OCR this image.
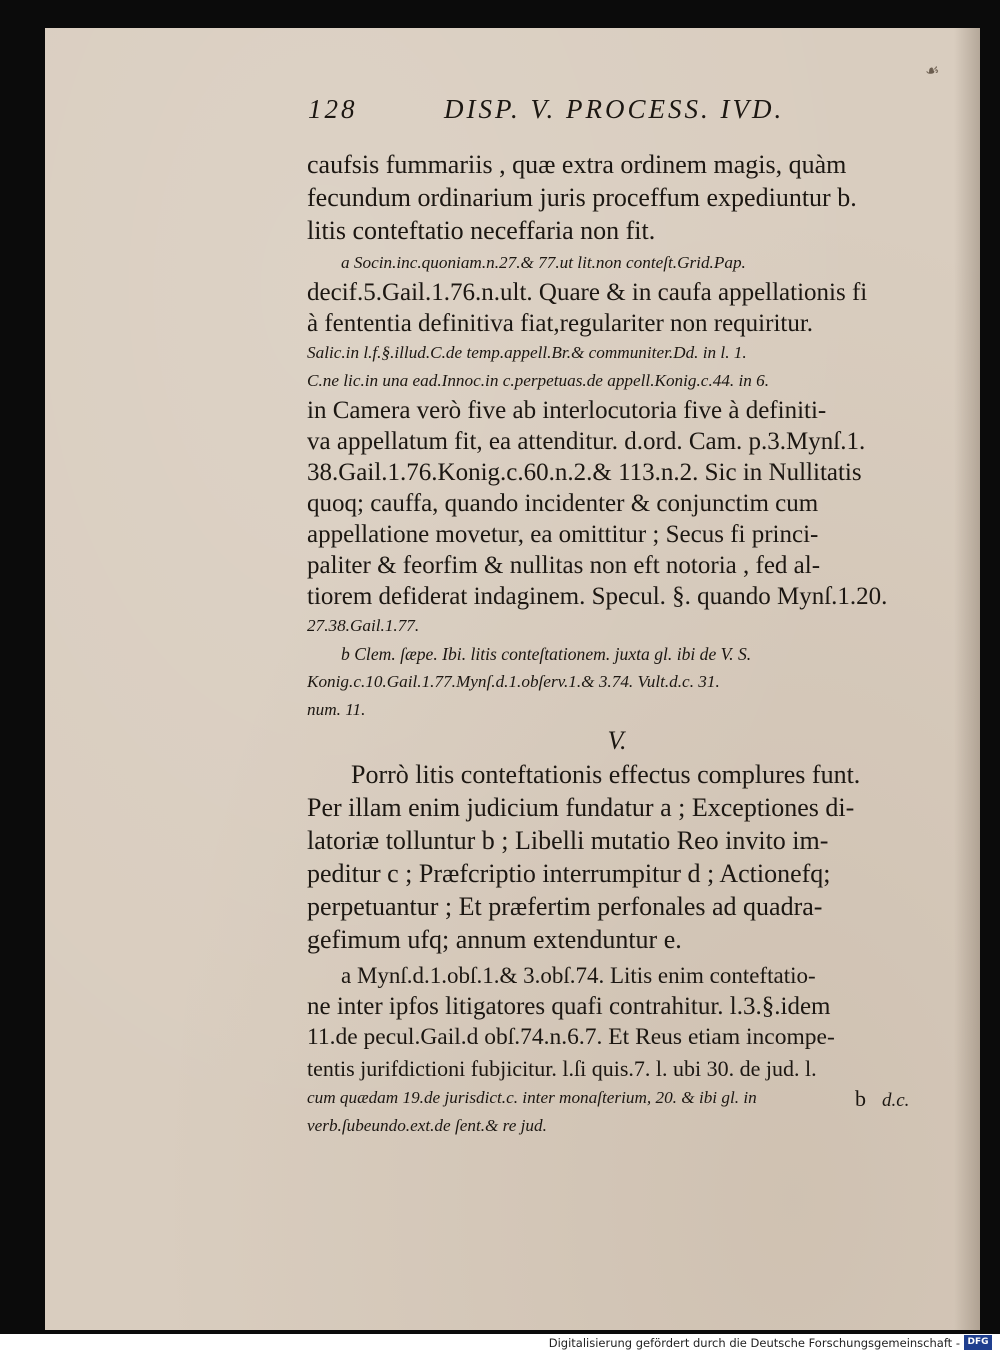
☙
128	DISP. V. PROCESS. IVD.
caufsis fummariis , quæ extra ordinem magis, quàm
fecundum ordinarium juris proceffum expediuntur b.
litis conteftatio neceffaria non fit.
a Socin.inc.quoniam.n.27.& 77.ut lit.non conteſt.Grid.Pap.
decif.5.Gail.1.76.n.ult. Quare & in caufa appellationis fi
à fententia definitiva fiat,regulariter non requiritur.
Salic.in l.f.§.illud.C.de temp.appell.Br.& communiter.Dd. in l. 1.
C.ne lic.in una ead.Innoc.in c.perpetuas.de appell.Konig.c.44. in 6.
in Camera verò five ab interlocutoria five à definiti-
va appellatum fit, ea attenditur. d.ord. Cam. p.3.Mynſ.1.
38.Gail.1.76.Konig.c.60.n.2.& 113.n.2. Sic in Nullitatis
quoq; cauffa, quando incidenter & conjunctim cum
appellatione movetur, ea omittitur ; Secus fi princi-
paliter & feorfim & nullitas non eft notoria , fed al-
tiorem defiderat indaginem. Specul. §. quando Mynſ.1.20.
27.38.Gail.1.77.
b Clem. ſæpe. Ibi. litis conteſtationem. juxta gl. ibi de V. S.
Konig.c.10.Gail.1.77.Mynſ.d.1.obſerv.1.& 3.74. Vult.d.c. 31.
num. 11.
V.
Porrò litis conteftationis effectus complures funt.
Per illam enim judicium fundatur a ; Exceptiones di-
latoriæ tolluntur b ; Libelli mutatio Reo invito im-
peditur c ; Præfcriptio interrumpitur d ; Actionefq;
perpetuantur ; Et præfertim perfonales ad quadra-
gefimum ufq; annum extenduntur e.
a Mynſ.d.1.obſ.1.& 3.obſ.74. Litis enim conteftatio-
ne inter ipfos litigatores quafi contrahitur. l.3.§.idem
11.de pecul.Gail.d obſ.74.n.6.7. Et Reus etiam incompe-
tentis jurifdictioni fubjicitur. l.ſi quis.7. l. ubi 30. de jud. l.
cum quædam 19.de jurisdict.c. inter monaſterium, 20. & ibi gl. in
verb.ſubeundo.ext.de ſent.& re jud.
b d.c.
Digitalisierung gefördert durch die Deutsche Forschungsgemeinschaft - DFG
